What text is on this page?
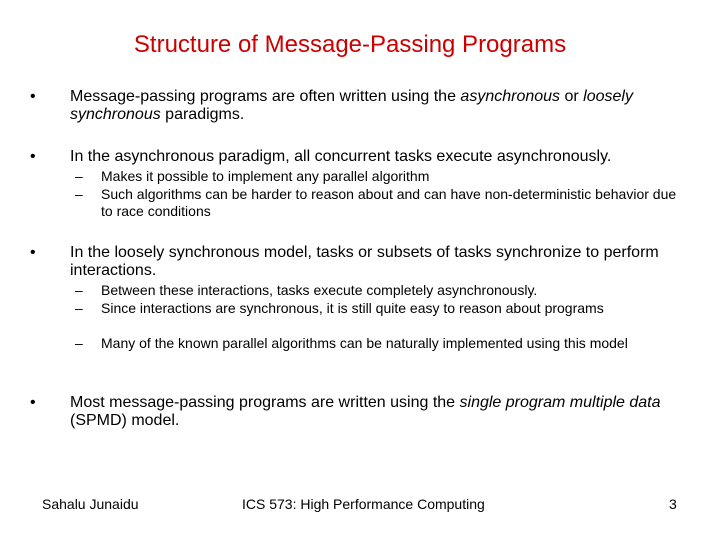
Structure of Message-Passing Programs
•	Message-passing programs are often written using the asynchronous or loosely synchronous paradigms.
•	In the asynchronous paradigm, all concurrent tasks execute asynchronously.
– Makes it possible to implement any parallel algorithm
– Such algorithms can be harder to reason about and can have non-deterministic behavior due to race conditions
•	In the loosely synchronous model, tasks or subsets of tasks synchronize to perform interactions.
– Between these interactions, tasks execute completely asynchronously.
– Since interactions are synchronous, it is still quite easy to reason about programs
– Many of the known parallel algorithms can be naturally implemented using this model
•	Most message-passing programs are written using the single program multiple data (SPMD) model.
Sahalu Junaidu	ICS 573: High Performance Computing	3
